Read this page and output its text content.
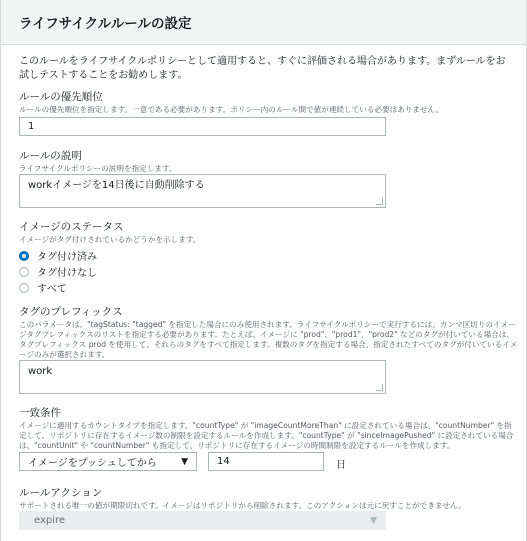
ライフサイクルルールの設定
このルールをライフサイクルポリシーとして適用すると、すぐに評価される場合があります。まずルールをお試しテストすることをお勧めします。
ルールの優先順位
ルールの優先順位を指定します。一意である必要があります。ポリシー内のルール間で値が連続している必要はありません。
1
ルールの説明
ライフサイクルポリシーの説明を指定します。
workイメージを14日後に自動削除する
イメージのステータス
イメージがタグ付けされているかどうかを示します。
タグ付け済み
タグ付けなし
すべて
タグのプレフィックス
このパラメータは、"tagStatus: "tagged" を指定した場合にのみ使用されます。ライフサイクルポリシーで実行するには、カンマ区切りのイメージタグプレフィックスのリストを指定する必要があります。たとえば、イメージに "prod"、"prod1"、"prod2" などのタグが付いている場合は、タグプレフィックス prod を使用して、それらのタグをすべて指定します。複数のタグを指定する場合、指定されたすべてのタグが付いているイメージのみが選択されます。
work
一致条件
イメージに適用するカウントタイプを指定します。"countType" が "imageCountMoreThan" に設定されている場合は、"countNumber" を指定して、リポジトリに存在するイメージ数の制限を設定するルールを作成します。"countType" が "sinceImagePushed" に設定されている場合は、"countUnit" や "countNumber" も指定して、リポジトリに存在するイメージの時間制限を設定するルールを作成します。
イメージをプッシュしてから	▼	14	日
ルールアクション
サポートされる唯一の値が期限切れです。イメージはリポジトリから削除されます。このアクションは元に戻すことができません。
expire	▼
